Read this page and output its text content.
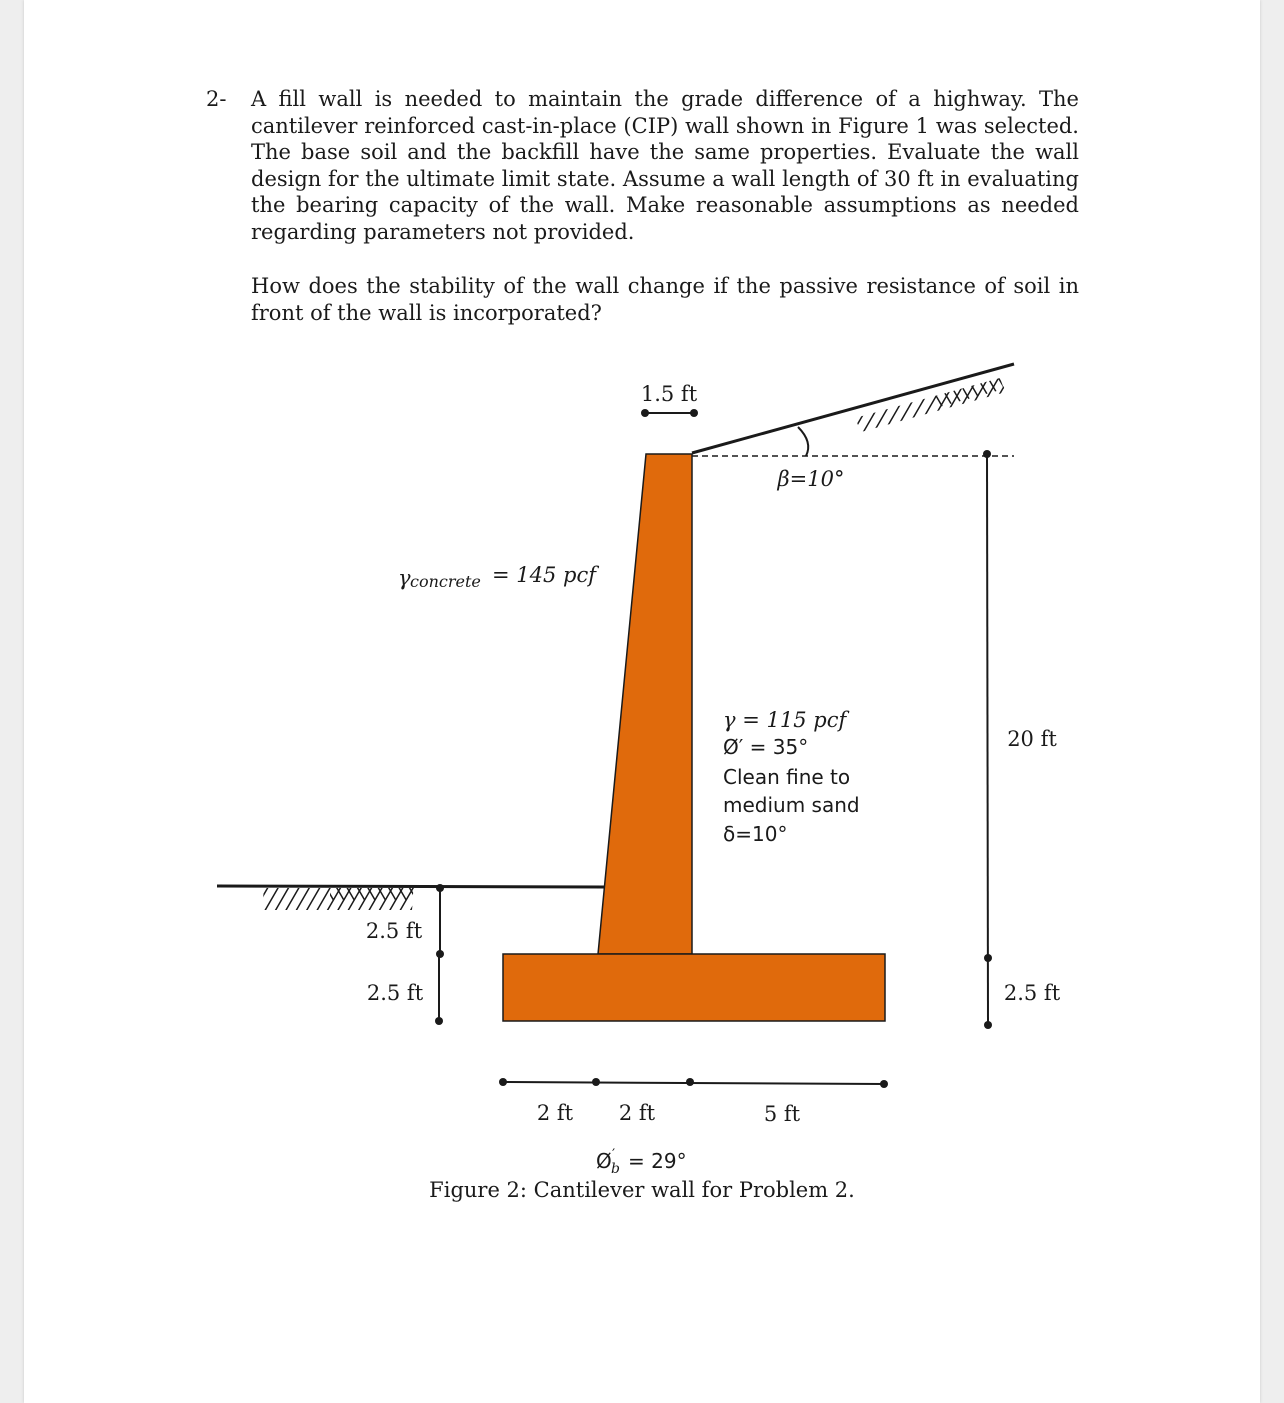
2- A fill wall is needed to maintain the grade difference of a highway. The cantilever reinforced cast-in-place (CIP) wall shown in Figure 1 was selected. The base soil and the backfill have the same properties. Evaluate the wall design for the ultimate limit state. Assume a wall length of 30 ft in evaluating the bearing capacity of the wall. Make reasonable assumptions as needed regarding parameters not provided.

How does the stability of the wall change if the passive resistance of soil in front of the wall is incorporated?

1.5 ft
β=10°
γ concrete = 145 pcf
γ = 115 pcf
Ø′ = 35°
Clean fine to
medium sand
δ=10°
2.5 ft
2.5 ft
20 ft
2.5 ft
2 ft 2 ft	5 ft
Ø ′
b = 29°
Figure 2: Cantilever wall for Problem 2.
